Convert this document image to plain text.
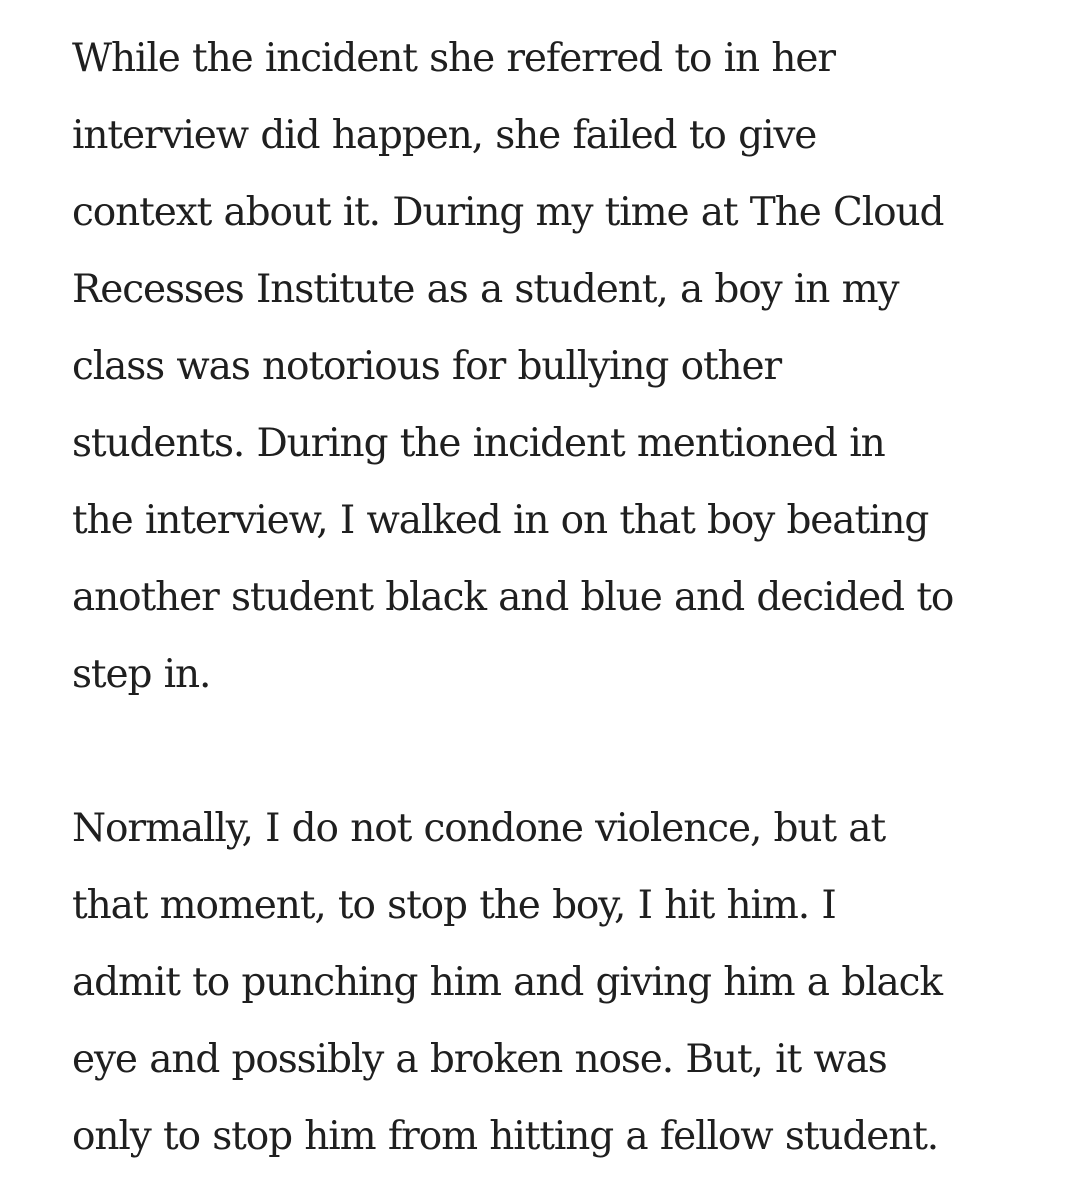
While the incident she referred to in her
interview did happen, she failed to give
context about it. During my time at The Cloud
Recesses Institute as a student, a boy in my
class was notorious for bullying other
students. During the incident mentioned in
the interview, I walked in on that boy beating
another student black and blue and decided to
step in.
Normally, I do not condone violence, but at
that moment, to stop the boy, I hit him. I
admit to punching him and giving him a black
eye and possibly a broken nose. But, it was
only to stop him from hitting a fellow student.
